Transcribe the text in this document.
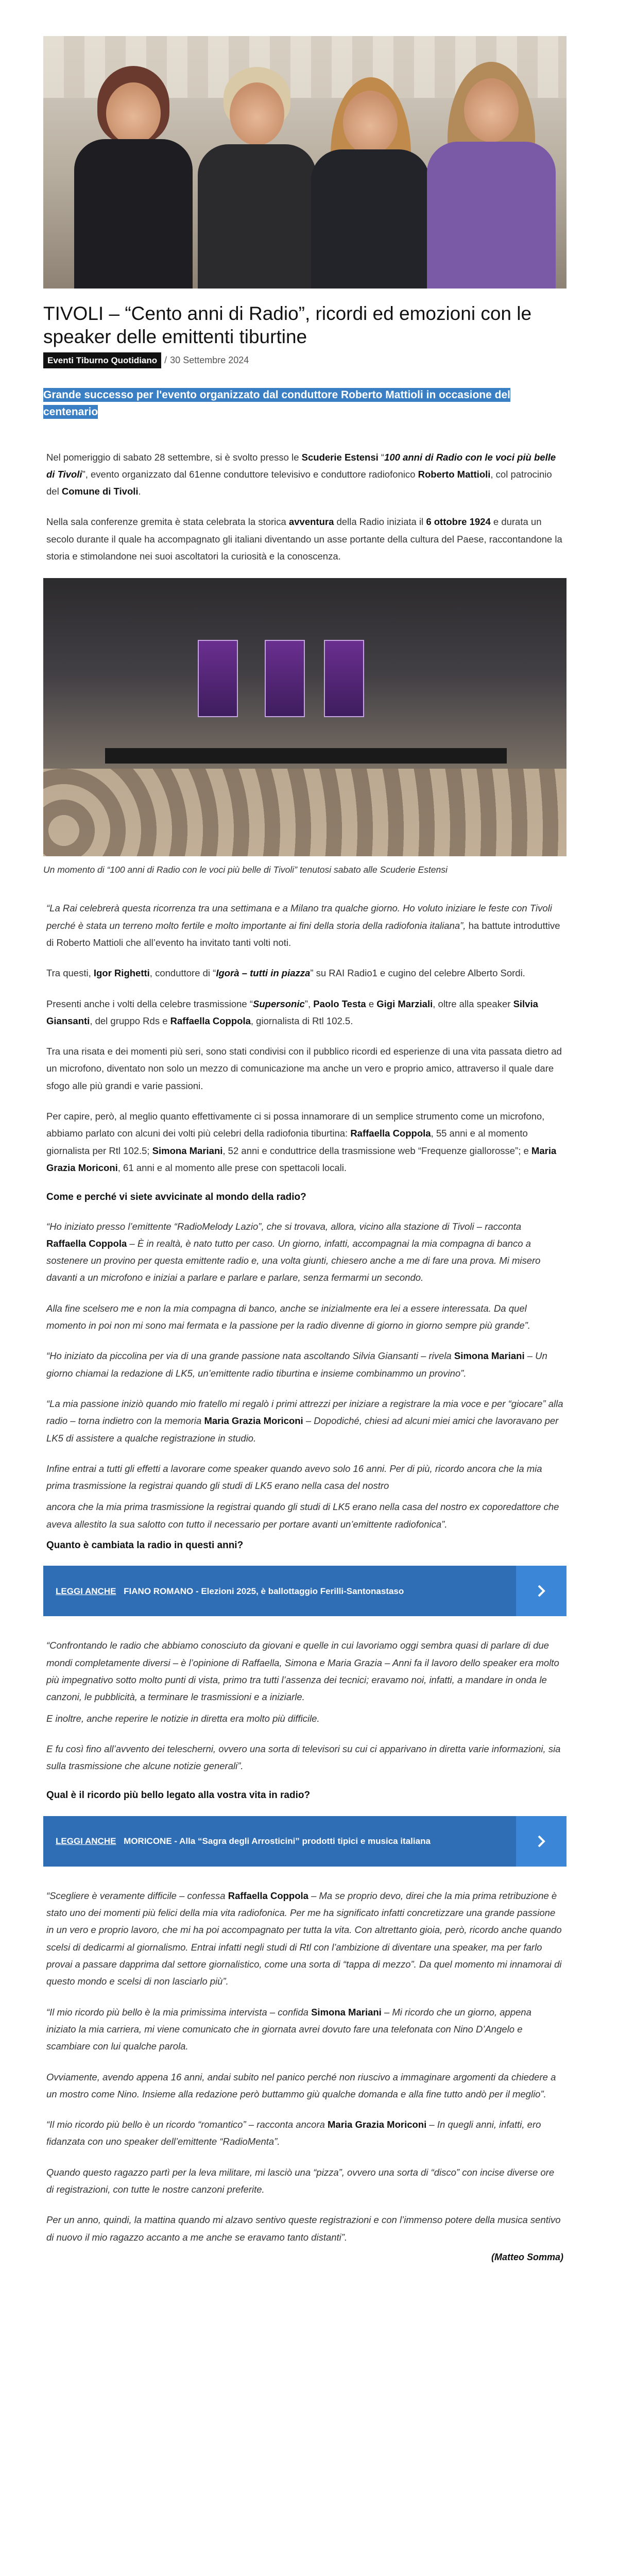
TIVOLI – “Cento anni di Radio”, ricordi ed emozioni con le speaker delle emittenti tiburtine
Eventi Tiburno Quotidiano / 30 Settembre 2024
Grande successo per l'evento organizzato dal conduttore Roberto Mattioli in occasione del centenario

Nel pomeriggio di sabato 28 settembre, si è svolto presso le Scuderie Estensi “100 anni di Radio con le voci più belle di Tivoli”, evento organizzato dal 61enne conduttore televisivo e conduttore radiofonico Roberto Mattioli, col patrocinio del Comune di Tivoli.

Nella sala conferenze gremita è stata celebrata la storica avventura della Radio iniziata il 6 ottobre 1924 e durata un secolo durante il quale ha accompagnato gli italiani diventando un asse portante della cultura del Paese, raccontandone la storia e stimolandone nei suoi ascoltatori la curiosità e la conoscenza.

Un momento di “100 anni di Radio con le voci più belle di Tivoli” tenutosi sabato alle Scuderie Estensi

“La Rai celebrerà questa ricorrenza tra una settimana e a Milano tra qualche giorno. Ho voluto iniziare le feste con Tivoli perché è stata un terreno molto fertile e molto importante ai fini della storia della radiofonia italiana”, ha battute introduttive di Roberto Mattioli che all’evento ha invitato tanti volti noti.

Tra questi, Igor Righetti, conduttore di “Igorà – tutti in piazza” su RAI Radio1 e cugino del celebre Alberto Sordi.

Presenti anche i volti della celebre trasmissione “Supersonic”, Paolo Testa e Gigi Marziali, oltre alla speaker Silvia Giansanti, del gruppo Rds e Raffaella Coppola, giornalista di Rtl 102.5.

Tra una risata e dei momenti più seri, sono stati condivisi con il pubblico ricordi ed esperienze di una vita passata dietro ad un microfono, diventato non solo un mezzo di comunicazione ma anche un vero e proprio amico, attraverso il quale dare sfogo alle più grandi e varie passioni.

Per capire, però, al meglio quanto effettivamente ci si possa innamorare di un semplice strumento come un microfono, abbiamo parlato con alcuni dei volti più celebri della radiofonia tiburtina: Raffaella Coppola, 55 anni e al momento giornalista per Rtl 102.5; Simona Mariani, 52 anni e conduttrice della trasmissione web “Frequenze giallorosse”; e Maria Grazia Moriconi, 61 anni e al momento alle prese con spettacoli locali.

Come e perché vi siete avvicinate al mondo della radio?

“Ho iniziato presso l’emittente “RadioMelody Lazio”, che si trovava, allora, vicino alla stazione di Tivoli – racconta Raffaella Coppola – È in realtà, è nato tutto per caso. Un giorno, infatti, accompagnai la mia compagna di banco a sostenere un provino per questa emittente radio e, una volta giunti, chiesero anche a me di fare una prova. Mi misero davanti a un microfono e iniziai a parlare e parlare e parlare, senza fermarmi un secondo.

Alla fine scelsero me e non la mia compagna di banco, anche se inizialmente era lei a essere interessata. Da quel momento in poi non mi sono mai fermata e la passione per la radio divenne di giorno in giorno sempre più grande”.

“Ho iniziato da piccolina per via di una grande passione nata ascoltando Silvia Giansanti – rivela Simona Mariani – Un giorno chiamai la redazione di LK5, un’emittente radio tiburtina e insieme combinammo un provino”.

“La mia passione iniziò quando mio fratello mi regalò i primi attrezzi per iniziare a registrare la mia voce e per “giocare” alla radio – torna indietro con la memoria Maria Grazia Moriconi – Dopodiché, chiesi ad alcuni miei amici che lavoravano per LK5 di assistere a qualche registrazione in studio.

Infine entrai a tutti gli effetti a lavorare come speaker quando avevo solo 16 anni. Per di più, ricordo ancora che la mia prima trasmissione la registrai quando gli studi di LK5 erano nella casa del nostro

ancora che la mia prima trasmissione la registrai quando gli studi di LK5 erano nella casa del nostro ex coporedattore che aveva allestito la sua salotto con tutto il necessario per portare avanti un’emittente radiofonica”.

Quanto è cambiata la radio in questi anni?
LEGGI ANCHE FIANO ROMANO - Elezioni 2025, è ballottaggio Ferilli-Santonastaso

“Confrontando le radio che abbiamo conosciuto da giovani e quelle in cui lavoriamo oggi sembra quasi di parlare di due mondi completamente diversi – è l’opinione di Raffaella, Simona e Maria Grazia – Anni fa il lavoro dello speaker era molto più impegnativo sotto molto punti di vista, primo tra tutti l’assenza dei tecnici; eravamo noi, infatti, a mandare in onda le canzoni, le pubblicità, a terminare le trasmissioni e a iniziarle.

E inoltre, anche reperire le notizie in diretta era molto più difficile.

E fu così fino all’avvento dei telescherni, ovvero una sorta di televisori su cui ci apparivano in diretta varie informazioni, sia sulla trasmissione che alcune notizie generali”.

Qual è il ricordo più bello legato alla vostra vita in radio?
LEGGI ANCHE MORICONE - Alla “Sagra degli Arrosticini” prodotti tipici e musica italiana

“Scegliere è veramente difficile – confessa Raffaella Coppola – Ma se proprio devo, direi che la mia prima retribuzione è stato uno dei momenti più felici della mia vita radiofonica. Per me ha significato infatti concretizzare una grande passione in un vero e proprio lavoro, che mi ha poi accompagnato per tutta la vita. Con altrettanto gioia, però, ricordo anche quando scelsi di dedicarmi al giornalismo. Entrai infatti negli studi di Rtl con l’ambizione di diventare una speaker, ma per farlo provai a passare dapprima dal settore giornalistico, come una sorta di “tappa di mezzo”. Da quel momento mi innamorai di questo mondo e scelsi di non lasciarlo più”.

“Il mio ricordo più bello è la mia primissima intervista – confida Simona Mariani – Mi ricordo che un giorno, appena iniziato la mia carriera, mi viene comunicato che in giornata avrei dovuto fare una telefonata con Nino D’Angelo e scambiare con lui qualche parola.

Ovviamente, avendo appena 16 anni, andai subito nel panico perché non riuscivo a immaginare argomenti da chiedere a un mostro come Nino. Insieme alla redazione però buttammo giù qualche domanda e alla fine tutto andò per il meglio”.

“Il mio ricordo più bello è un ricordo “romantico” – racconta ancora Maria Grazia Moriconi – In quegli anni, infatti, ero fidanzata con uno speaker dell’emittente “RadioMenta”.

Quando questo ragazzo partì per la leva militare, mi lasciò una “pizza”, ovvero una sorta di “disco” con incise diverse ore di registrazioni, con tutte le nostre canzoni preferite.

Per un anno, quindi, la mattina quando mi alzavo sentivo queste registrazioni e con l’immenso potere della musica sentivo di nuovo il mio ragazzo accanto a me anche se eravamo tanto distanti”.

(Matteo Somma)
